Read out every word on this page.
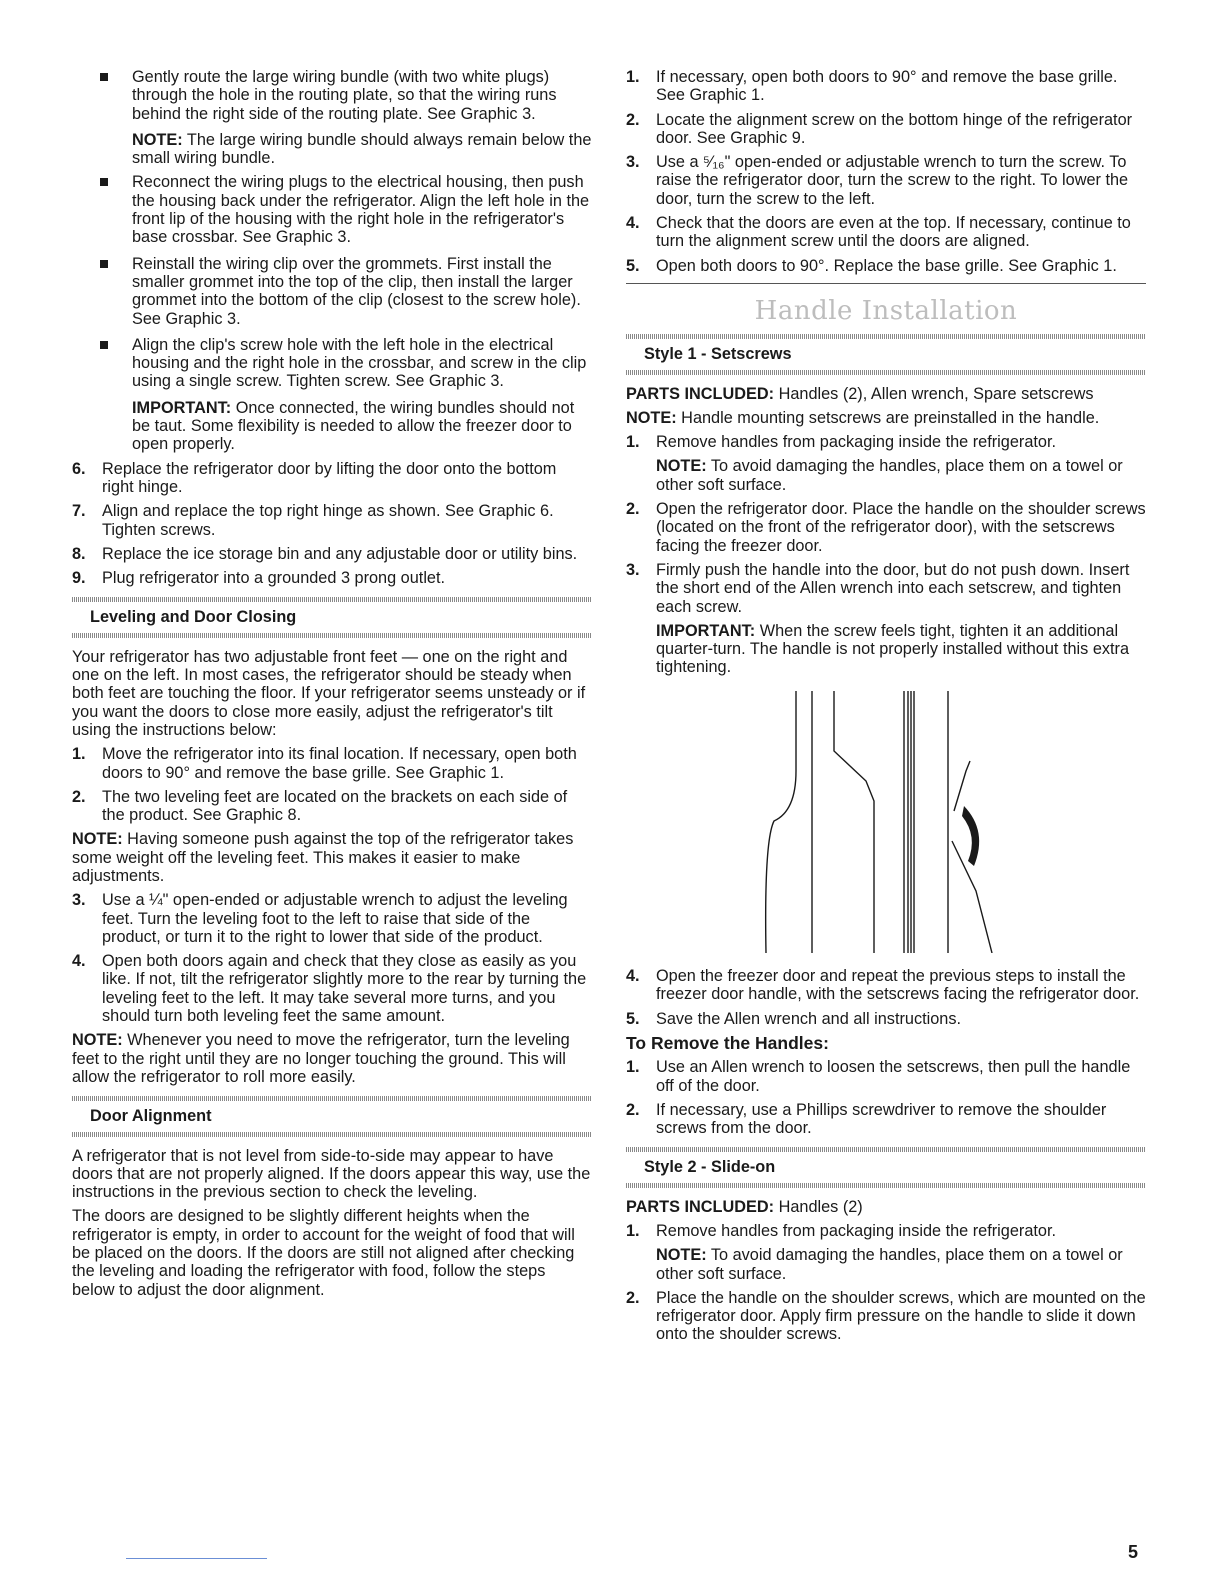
Gently route the large wiring bundle (with two white plugs) through the hole in the routing plate, so that the wiring runs behind the right side of the routing plate. See Graphic 3.

NOTE: The large wiring bundle should always remain below the small wiring bundle.

Reconnect the wiring plugs to the electrical housing, then push the housing back under the refrigerator. Align the left hole in the front lip of the housing with the right hole in the refrigerator's base crossbar. See Graphic 3.
Reinstall the wiring clip over the grommets. First install the smaller grommet into the top of the clip, then install the larger grommet into the bottom of the clip (closest to the screw hole). See Graphic 3.
Align the clip's screw hole with the left hole in the electrical housing and the right hole in the crossbar, and screw in the clip using a single screw. Tighten screw. See Graphic 3.

IMPORTANT: Once connected, the wiring bundles should not be taut. Some flexibility is needed to allow the freezer door to open properly.

6. Replace the refrigerator door by lifting the door onto the bottom right hinge.
7. Align and replace the top right hinge as shown. See Graphic 6. Tighten screws.
8. Replace the ice storage bin and any adjustable door or utility bins.
9. Plug refrigerator into a grounded 3 prong outlet.
Leveling and Door Closing

Your refrigerator has two adjustable front feet — one on the right and one on the left. In most cases, the refrigerator should be steady when both feet are touching the floor. If your refrigerator seems unsteady or if you want the doors to close more easily, adjust the refrigerator's tilt using the instructions below:

1. Move the refrigerator into its final location. If necessary, open both doors to 90° and remove the base grille. See Graphic 1.
2. The two leveling feet are located on the brackets on each side of the product. See Graphic 8.

NOTE: Having someone push against the top of the refrigerator takes some weight off the leveling feet. This makes it easier to make adjustments.

3. Use a ¼" open-ended or adjustable wrench to adjust the leveling feet. Turn the leveling foot to the left to raise that side of the product, or turn it to the right to lower that side of the product.
4. Open both doors again and check that they close as easily as you like. If not, tilt the refrigerator slightly more to the rear by turning the leveling feet to the left. It may take several more turns, and you should turn both leveling feet the same amount.

NOTE: Whenever you need to move the refrigerator, turn the leveling feet to the right until they are no longer touching the ground. This will allow the refrigerator to roll more easily.

Door Alignment

A refrigerator that is not level from side-to-side may appear to have doors that are not properly aligned. If the doors appear this way, use the instructions in the previous section to check the leveling.

The doors are designed to be slightly different heights when the refrigerator is empty, in order to account for the weight of food that will be placed on the doors. If the doors are still not aligned after checking the leveling and loading the refrigerator with food, follow the steps below to adjust the door alignment.

1. If necessary, open both doors to 90° and remove the base grille. See Graphic 1.
2. Locate the alignment screw on the bottom hinge of the refrigerator door. See Graphic 9.
3. Use a ⁵⁄₁₆" open-ended or adjustable wrench to turn the screw. To raise the refrigerator door, turn the screw to the right. To lower the door, turn the screw to the left.
4. Check that the doors are even at the top. If necessary, continue to turn the alignment screw until the doors are aligned.
5. Open both doors to 90°. Replace the base grille. See Graphic 1.
Handle Installation
Style 1 - Setscrews

PARTS INCLUDED: Handles (2), Allen wrench, Spare setscrews

NOTE: Handle mounting setscrews are preinstalled in the handle.

1. Remove handles from packaging inside the refrigerator.

NOTE: To avoid damaging the handles, place them on a towel or other soft surface.

2. Open the refrigerator door. Place the handle on the shoulder screws (located on the front of the refrigerator door), with the setscrews facing the freezer door.
3. Firmly push the handle into the door, but do not push down. Insert the short end of the Allen wrench into each setscrew, and tighten each screw.

IMPORTANT: When the screw feels tight, tighten it an additional quarter-turn. The handle is not properly installed without this extra tightening.

4. Open the freezer door and repeat the previous steps to install the freezer door handle, with the setscrews facing the refrigerator door.
5. Save the Allen wrench and all instructions.
To Remove the Handles:
1. Use an Allen wrench to loosen the setscrews, then pull the handle off of the door.
2. If necessary, use a Phillips screwdriver to remove the shoulder screws from the door.
Style 2 - Slide-on

PARTS INCLUDED: Handles (2)

1. Remove handles from packaging inside the refrigerator.

NOTE: To avoid damaging the handles, place them on a towel or other soft surface.

2. Place the handle on the shoulder screws, which are mounted on the refrigerator door. Apply firm pressure on the handle to slide it down onto the shoulder screws.
5
